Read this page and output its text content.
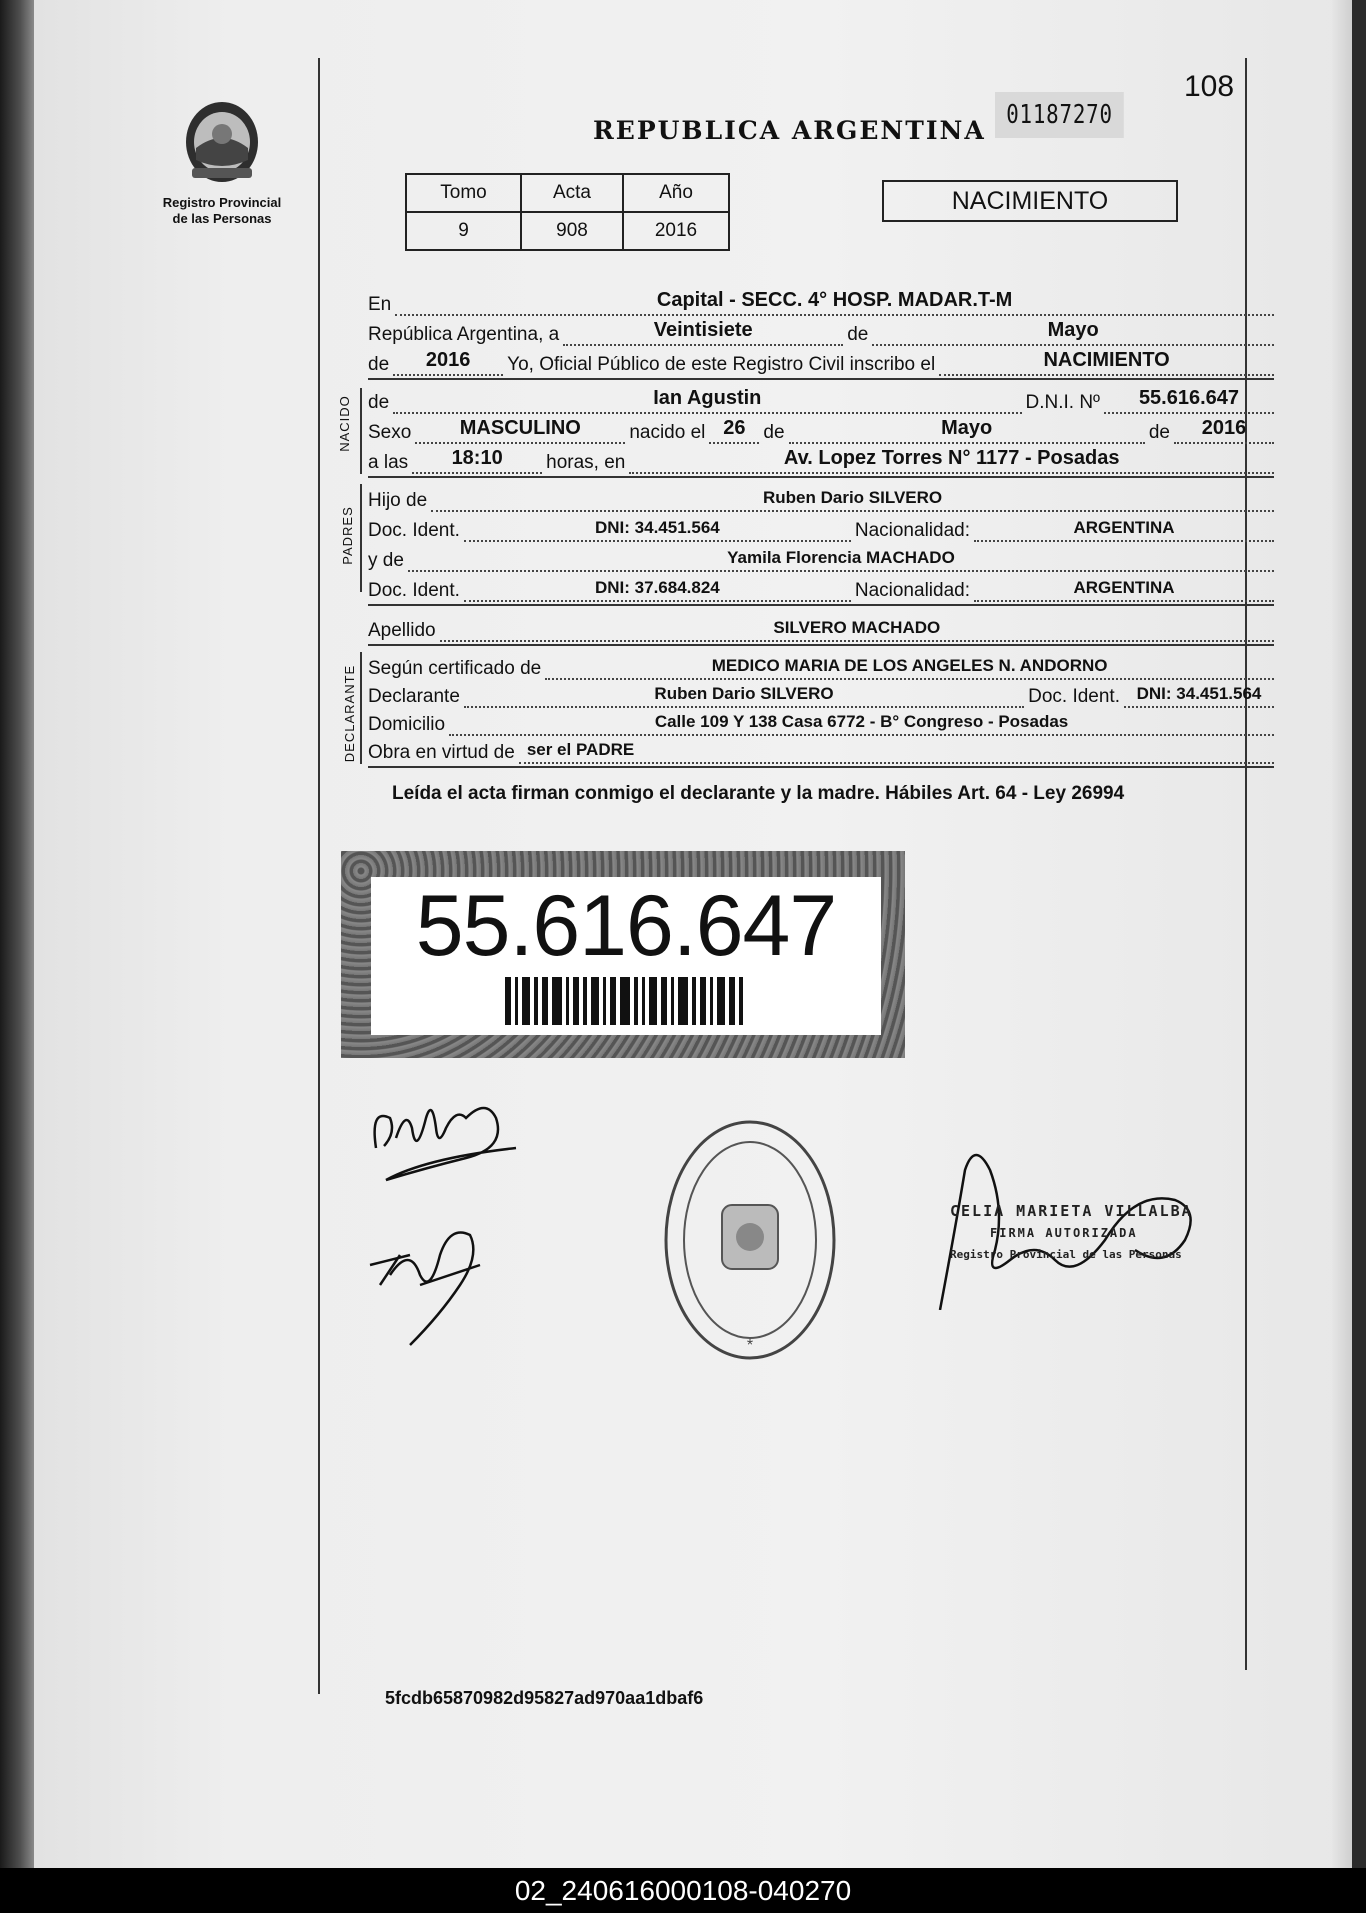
Registro Provincial
de las Personas
108
01187270
REPUBLICA ARGENTINA
Tomo	Acta	Año
9	908	2016
NACIMIENTO
En	Capital - SECC. 4° HOSP. MADAR.T-M
República Argentina, a	Veintisiete	de	Mayo
de	2016	Yo, Oficial Público de este Registro Civil inscribo el	NACIMIENTO
NACIDO de	Ian Agustin	D.N.I. Nº	55.616.647
Sexo	MASCULINO	nacido el 26 de	Mayo	de	2016
a las	18:10	horas, en	Av. Lopez Torres N° 1177 - Posadas
PADRES
Hijo de	Ruben Dario SILVERO
Doc. Ident.	DNI: 34.451.564	Nacionalidad:	ARGENTINA
y de	Yamila Florencia MACHADO
Doc. Ident.	DNI: 37.684.824	Nacionalidad:	ARGENTINA
Apellido	SILVERO MACHADO
DECLARANTE Según certificado de	MEDICO MARIA DE LOS ANGELES N. ANDORNO
Declarante	Ruben Dario SILVERO	Doc. Ident. DNI: 34.451.564
Domicilio	Calle 109 Y 138 Casa 6772 - B° Congreso - Posadas
Obra en virtud de ser el PADRE
Leída el acta firman conmigo el declarante y la madre. Hábiles Art. 64 - Ley 26994
55.616.647
*
CELIA MARIETA VILLALBA
FIRMA AUTORIZADA
Registro Provincial de las Personas
5fcdb65870982d95827ad970aa1dbaf6
02_240616000108-040270
